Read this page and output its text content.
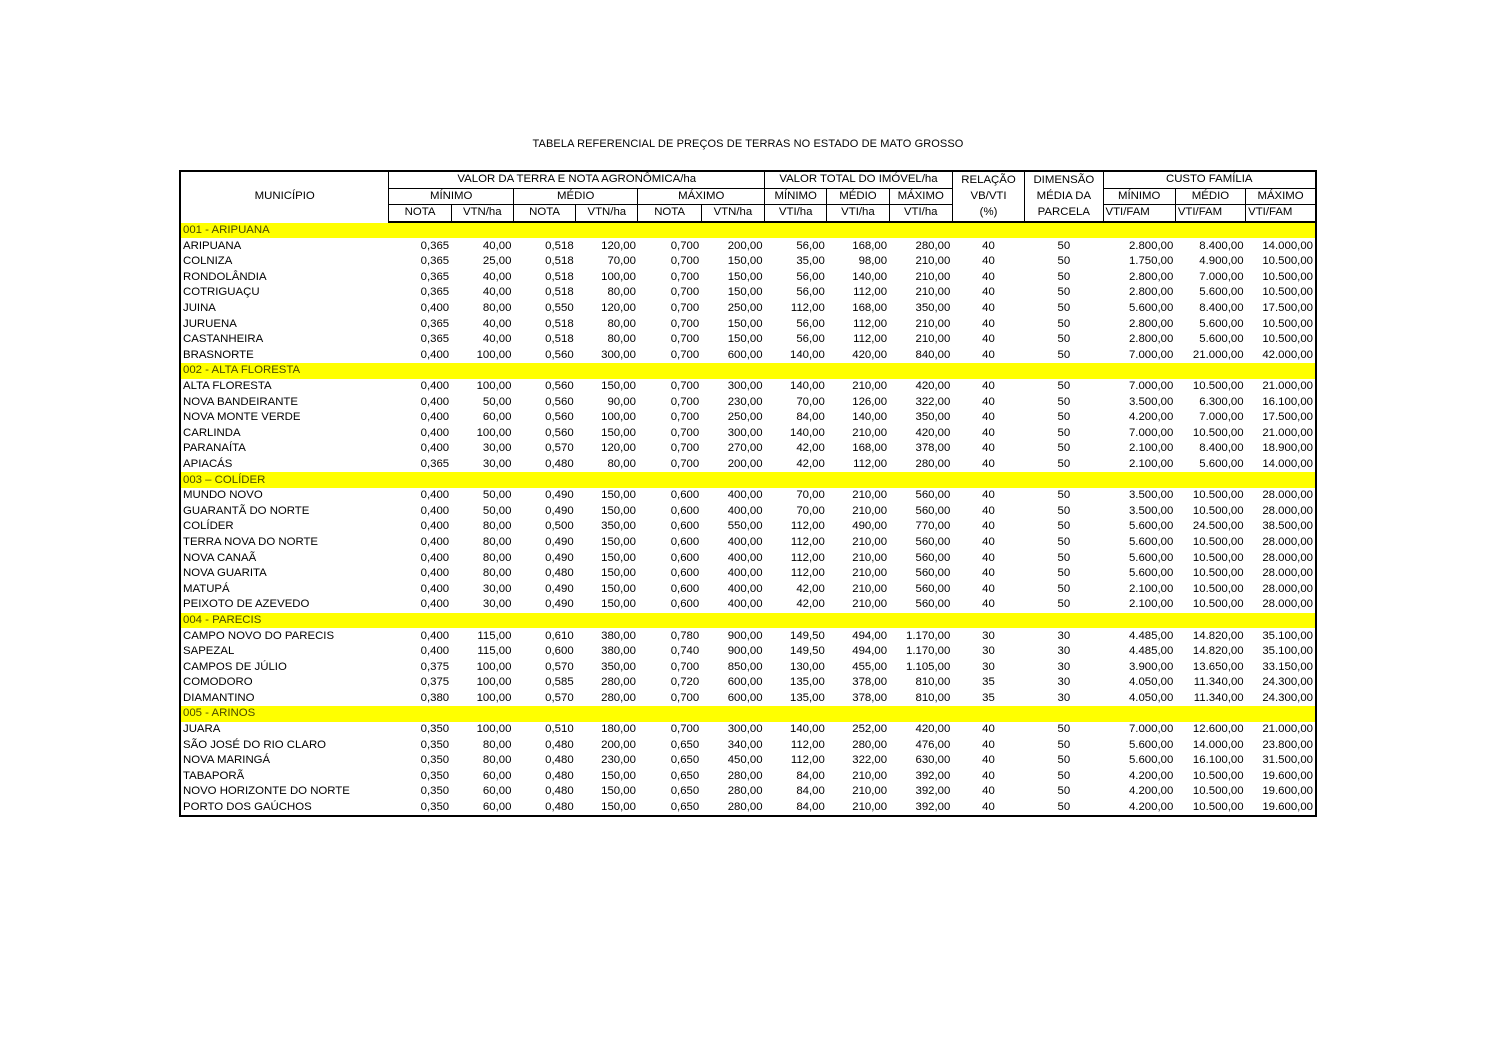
TABELA REFERENCIAL DE PREÇOS DE TERRAS NO ESTADO DE MATO GROSSO
MUNICÍPIO	VALOR DA TERRA E NOTA AGRONÔMICA/ha						VALOR TOTAL DO IMÓVEL/ha			RELAÇÃO	DIMENSÃO	CUSTO FAMÍLIA		
	MÍNIMO		MÉDIO		MÁXIMO		MÍNIMO	MÉDIO	MÁXIMO	VB/VTI	MÉDIA DA	MÍNIMO	MÉDIO	MÁXIMO
	NOTA	VTN/ha	NOTA	VTN/ha	NOTA	VTN/ha	VTI/ha	VTI/ha	VTI/ha	(%)	PARCELA	VTI/FAM	VTI/FAM	VTI/FAM
001 - ARIPUANA														
ARIPUANA	0,365	40,00	0,518	120,00	0,700	200,00	56,00	168,00	280,00	40	50	2.800,00	8.400,00	14.000,00
COLNIZA	0,365	25,00	0,518	70,00	0,700	150,00	35,00	98,00	210,00	40	50	1.750,00	4.900,00	10.500,00
RONDOLÂNDIA	0,365	40,00	0,518	100,00	0,700	150,00	56,00	140,00	210,00	40	50	2.800,00	7.000,00	10.500,00
COTRIGUAÇU	0,365	40,00	0,518	80,00	0,700	150,00	56,00	112,00	210,00	40	50	2.800,00	5.600,00	10.500,00
JUINA	0,400	80,00	0,550	120,00	0,700	250,00	112,00	168,00	350,00	40	50	5.600,00	8.400,00	17.500,00
JURUENA	0,365	40,00	0,518	80,00	0,700	150,00	56,00	112,00	210,00	40	50	2.800,00	5.600,00	10.500,00
CASTANHEIRA	0,365	40,00	0,518	80,00	0,700	150,00	56,00	112,00	210,00	40	50	2.800,00	5.600,00	10.500,00
BRASNORTE	0,400	100,00	0,560	300,00	0,700	600,00	140,00	420,00	840,00	40	50	7.000,00	21.000,00	42.000,00
002 - ALTA FLORESTA														
ALTA FLORESTA	0,400	100,00	0,560	150,00	0,700	300,00	140,00	210,00	420,00	40	50	7.000,00	10.500,00	21.000,00
NOVA BANDEIRANTE	0,400	50,00	0,560	90,00	0,700	230,00	70,00	126,00	322,00	40	50	3.500,00	6.300,00	16.100,00
NOVA MONTE VERDE	0,400	60,00	0,560	100,00	0,700	250,00	84,00	140,00	350,00	40	50	4.200,00	7.000,00	17.500,00
CARLINDA	0,400	100,00	0,560	150,00	0,700	300,00	140,00	210,00	420,00	40	50	7.000,00	10.500,00	21.000,00
PARANAÍTA	0,400	30,00	0,570	120,00	0,700	270,00	42,00	168,00	378,00	40	50	2.100,00	8.400,00	18.900,00
APIACÁS	0,365	30,00	0,480	80,00	0,700	200,00	42,00	112,00	280,00	40	50	2.100,00	5.600,00	14.000,00
003 – COLÍDER														
MUNDO NOVO	0,400	50,00	0,490	150,00	0,600	400,00	70,00	210,00	560,00	40	50	3.500,00	10.500,00	28.000,00
GUARANTÃ DO NORTE	0,400	50,00	0,490	150,00	0,600	400,00	70,00	210,00	560,00	40	50	3.500,00	10.500,00	28.000,00
COLÍDER	0,400	80,00	0,500	350,00	0,600	550,00	112,00	490,00	770,00	40	50	5.600,00	24.500,00	38.500,00
TERRA NOVA DO NORTE	0,400	80,00	0,490	150,00	0,600	400,00	112,00	210,00	560,00	40	50	5.600,00	10.500,00	28.000,00
NOVA CANAÃ	0,400	80,00	0,490	150,00	0,600	400,00	112,00	210,00	560,00	40	50	5.600,00	10.500,00	28.000,00
NOVA GUARITA	0,400	80,00	0,480	150,00	0,600	400,00	112,00	210,00	560,00	40	50	5.600,00	10.500,00	28.000,00
MATUPÁ	0,400	30,00	0,490	150,00	0,600	400,00	42,00	210,00	560,00	40	50	2.100,00	10.500,00	28.000,00
PEIXOTO DE AZEVEDO	0,400	30,00	0,490	150,00	0,600	400,00	42,00	210,00	560,00	40	50	2.100,00	10.500,00	28.000,00
004 - PARECIS														
CAMPO NOVO DO PARECIS	0,400	115,00	0,610	380,00	0,780	900,00	149,50	494,00	1.170,00	30	30	4.485,00	14.820,00	35.100,00
SAPEZAL	0,400	115,00	0,600	380,00	0,740	900,00	149,50	494,00	1.170,00	30	30	4.485,00	14.820,00	35.100,00
CAMPOS DE JÚLIO	0,375	100,00	0,570	350,00	0,700	850,00	130,00	455,00	1.105,00	30	30	3.900,00	13.650,00	33.150,00
COMODORO	0,375	100,00	0,585	280,00	0,720	600,00	135,00	378,00	810,00	35	30	4.050,00	11.340,00	24.300,00
DIAMANTINO	0,380	100,00	0,570	280,00	0,700	600,00	135,00	378,00	810,00	35	30	4.050,00	11.340,00	24.300,00
005 - ARINOS														
JUARA	0,350	100,00	0,510	180,00	0,700	300,00	140,00	252,00	420,00	40	50	7.000,00	12.600,00	21.000,00
SÃO JOSÉ DO RIO CLARO	0,350	80,00	0,480	200,00	0,650	340,00	112,00	280,00	476,00	40	50	5.600,00	14.000,00	23.800,00
NOVA MARINGÁ	0,350	80,00	0,480	230,00	0,650	450,00	112,00	322,00	630,00	40	50	5.600,00	16.100,00	31.500,00
TABAPORÃ	0,350	60,00	0,480	150,00	0,650	280,00	84,00	210,00	392,00	40	50	4.200,00	10.500,00	19.600,00
NOVO HORIZONTE DO NORTE	0,350	60,00	0,480	150,00	0,650	280,00	84,00	210,00	392,00	40	50	4.200,00	10.500,00	19.600,00
PORTO DOS GAÚCHOS	0,350	60,00	0,480	150,00	0,650	280,00	84,00	210,00	392,00	40	50	4.200,00	10.500,00	19.600,00
